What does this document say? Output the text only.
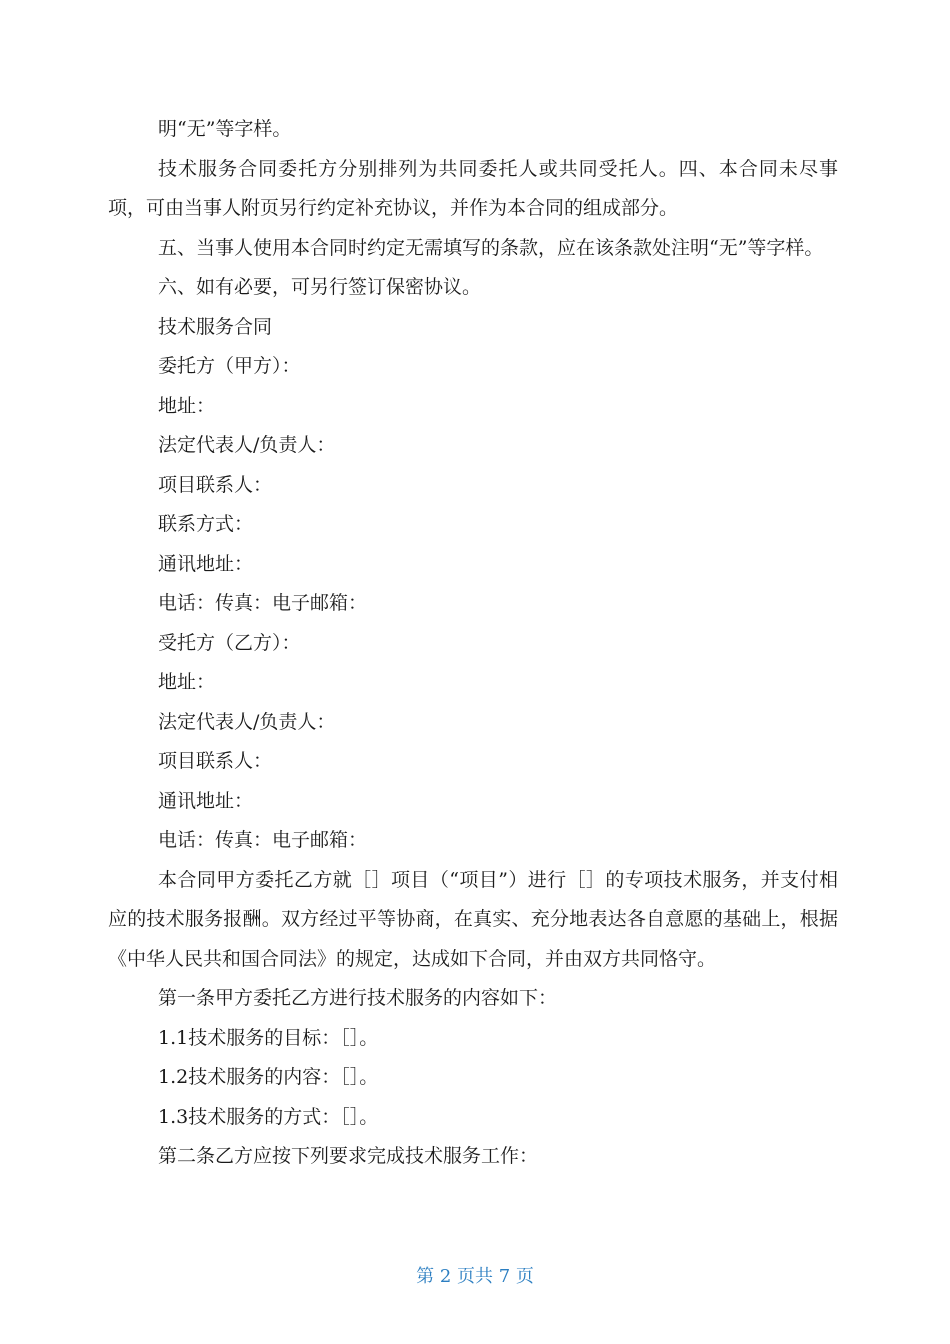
明“无”等字样。

技术服务合同委托方分别排列为共同委托人或共同受托人。四、本合同未尽事项，可由当事人附页另行约定补充协议，并作为本合同的组成部分。

五、当事人使用本合同时约定无需填写的条款，应在该条款处注明“无”等字样。

六、如有必要，可另行签订保密协议。

技术服务合同

委托方（甲方）：

地址：

法定代表人/负责人：

项目联系人：

联系方式：

通讯地址：

电话：传真：电子邮箱：

受托方（乙方）：

地址：

法定代表人/负责人：

项目联系人：

通讯地址：

电话：传真：电子邮箱：

本合同甲方委托乙方就［］项目（“项目”）进行［］的专项技术服务，并支付相应的技术服务报酬。双方经过平等协商，在真实、充分地表达各自意愿的基础上，根据《中华人民共和国合同法》的规定，达成如下合同，并由双方共同恪守。

第一条甲方委托乙方进行技术服务的内容如下：

1.1技术服务的目标：［］。

1.2技术服务的内容：［］。

1.3技术服务的方式：［］。

第二条乙方应按下列要求完成技术服务工作：

第 2 页共 7 页
